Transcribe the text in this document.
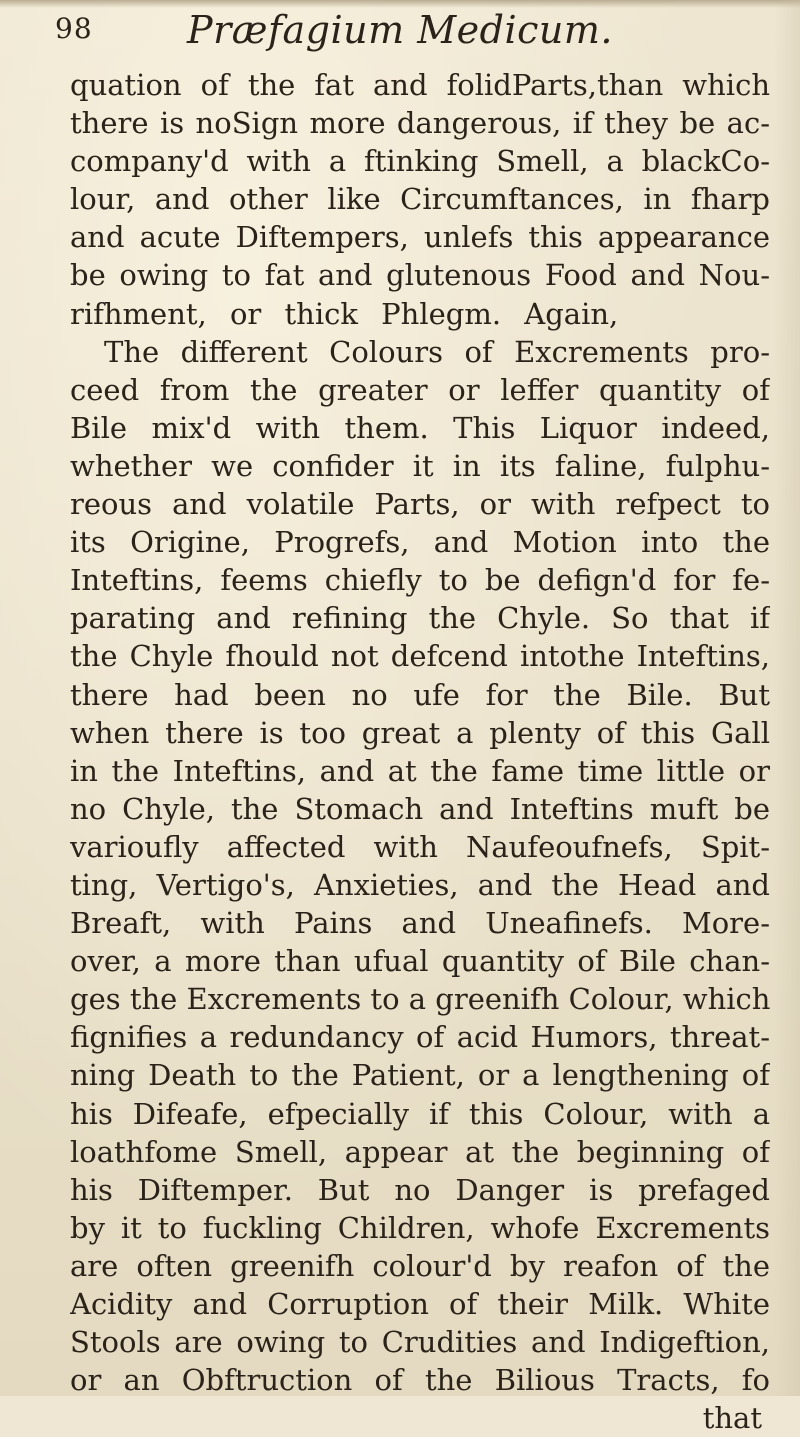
98	Præfagium Medicum.
quation of the fat and folidParts,than which
there is noSign more dangerous, if they be ac-
company'd with a ftinking Smell, a blackCo-
lour, and other like Circumftances, in fharp
and acute Diftempers, unlefs this appearance
be owing to fat and glutenous Food and Nou-
rifhment, or thick Phlegm. Again,
The different Colours of Excrements pro-
ceed from the greater or leffer quantity of
Bile mix'd with them. This Liquor indeed,
whether we confider it in its faline, fulphu-
reous and volatile Parts, or with refpect to
its Origine, Progrefs, and Motion into the
Inteftins, feems chiefly to be defign'd for fe-
parating and refining the Chyle. So that if
the Chyle fhould not defcend intothe Inteftins,
there had been no ufe for the Bile. But
when there is too great a plenty of this Gall
in the Inteftins, and at the fame time little or
no Chyle, the Stomach and Inteftins muft be
varioufly affected with Naufeoufnefs, Spit-
ting, Vertigo's, Anxieties, and the Head and
Breaft, with Pains and Uneafinefs. More-
over, a more than ufual quantity of Bile chan-
ges the Excrements to a greenifh Colour, which
fignifies a redundancy of acid Humors, threat-
ning Death to the Patient, or a lengthening of
his Difeafe, efpecially if this Colour, with a
loathfome Smell, appear at the beginning of
his Diftemper. But no Danger is prefaged
by it to fuckling Children, whofe Excrements
are often greenifh colour'd by reafon of the
Acidity and Corruption of their Milk. White
Stools are owing to Crudities and Indigeftion,
or an Obftruction of the Bilious Tracts, fo
that
